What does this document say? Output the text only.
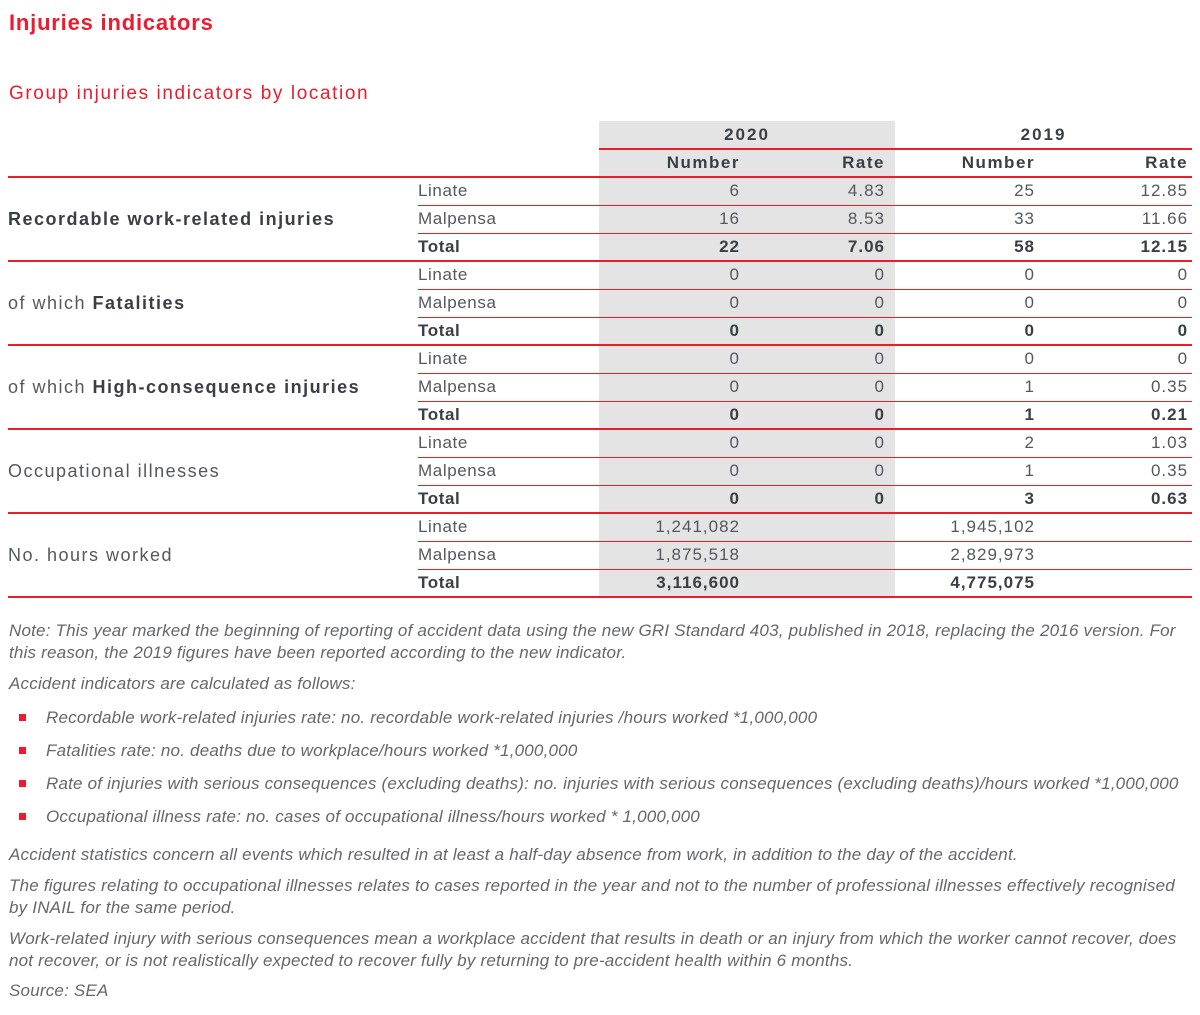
Injuries indicators
Group injuries indicators by location
		2020		2019	
		Number	Rate	Number	Rate
Recordable work-related injuries	Linate	6	4.83	25	12.85
	Malpensa	16	8.53	33	11.66
	Total	22	7.06	58	12.15
of which Fatalities	Linate	0	0	0	0
	Malpensa	0	0	0	0
	Total	0	0	0	0
of which High-consequence injuries	Linate	0	0	0	0
	Malpensa	0	0	1	0.35
	Total	0	0	1	0.21
Occupational illnesses	Linate	0	0	2	1.03
	Malpensa	0	0	1	0.35
	Total	0	0	3	0.63
No. hours worked	Linate	1,241,082		1,945,102	
	Malpensa	1,875,518		2,829,973	
	Total	3,116,600		4,775,075	

Note: This year marked the beginning of reporting of accident data using the new GRI Standard 403, published in 2018, replacing the 2016 version. For this reason, the 2019 figures have been reported according to the new indicator.

Accident indicators are calculated as follows:

Recordable work-related injuries rate: no. recordable work-related injuries /hours worked *1,000,000
Fatalities rate: no. deaths due to workplace/hours worked *1,000,000
Rate of injuries with serious consequences (excluding deaths): no. injuries with serious consequences (excluding deaths)/hours worked *1,000,000
Occupational illness rate: no. cases of occupational illness/hours worked * 1,000,000

Accident statistics concern all events which resulted in at least a half-day absence from work, in addition to the day of the accident.

The figures relating to occupational illnesses relates to cases reported in the year and not to the number of professional illnesses effectively recognised by INAIL for the same period.

Work-related injury with serious consequences mean a workplace accident that results in death or an injury from which the worker cannot recover, does not recover, or is not realistically expected to recover fully by returning to pre-accident health within 6 months.

Source: SEA
